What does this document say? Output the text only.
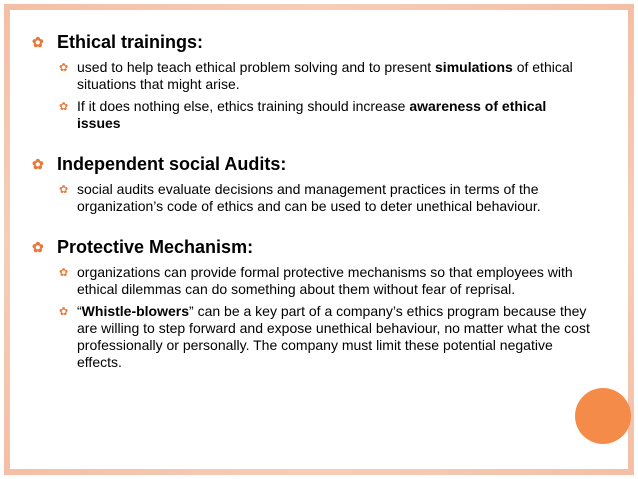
✿ Ethical trainings:
✿ used to help teach ethical problem solving and to present simulations of ethical situations that might arise.
✿ If it does nothing else, ethics training should increase awareness of ethical issues
✿ Independent social Audits:
✿ social audits evaluate decisions and management practices in terms of the organization’s code of ethics and can be used to deter unethical behaviour.
✿ Protective Mechanism:
✿ organizations can provide formal protective mechanisms so that employees with ethical dilemmas can do something about them without fear of reprisal.
✿ “Whistle-blowers” can be a key part of a company’s ethics program because they are willing to step forward and expose unethical behaviour, no matter what the cost professionally or personally. The company must limit these potential negative effects.
